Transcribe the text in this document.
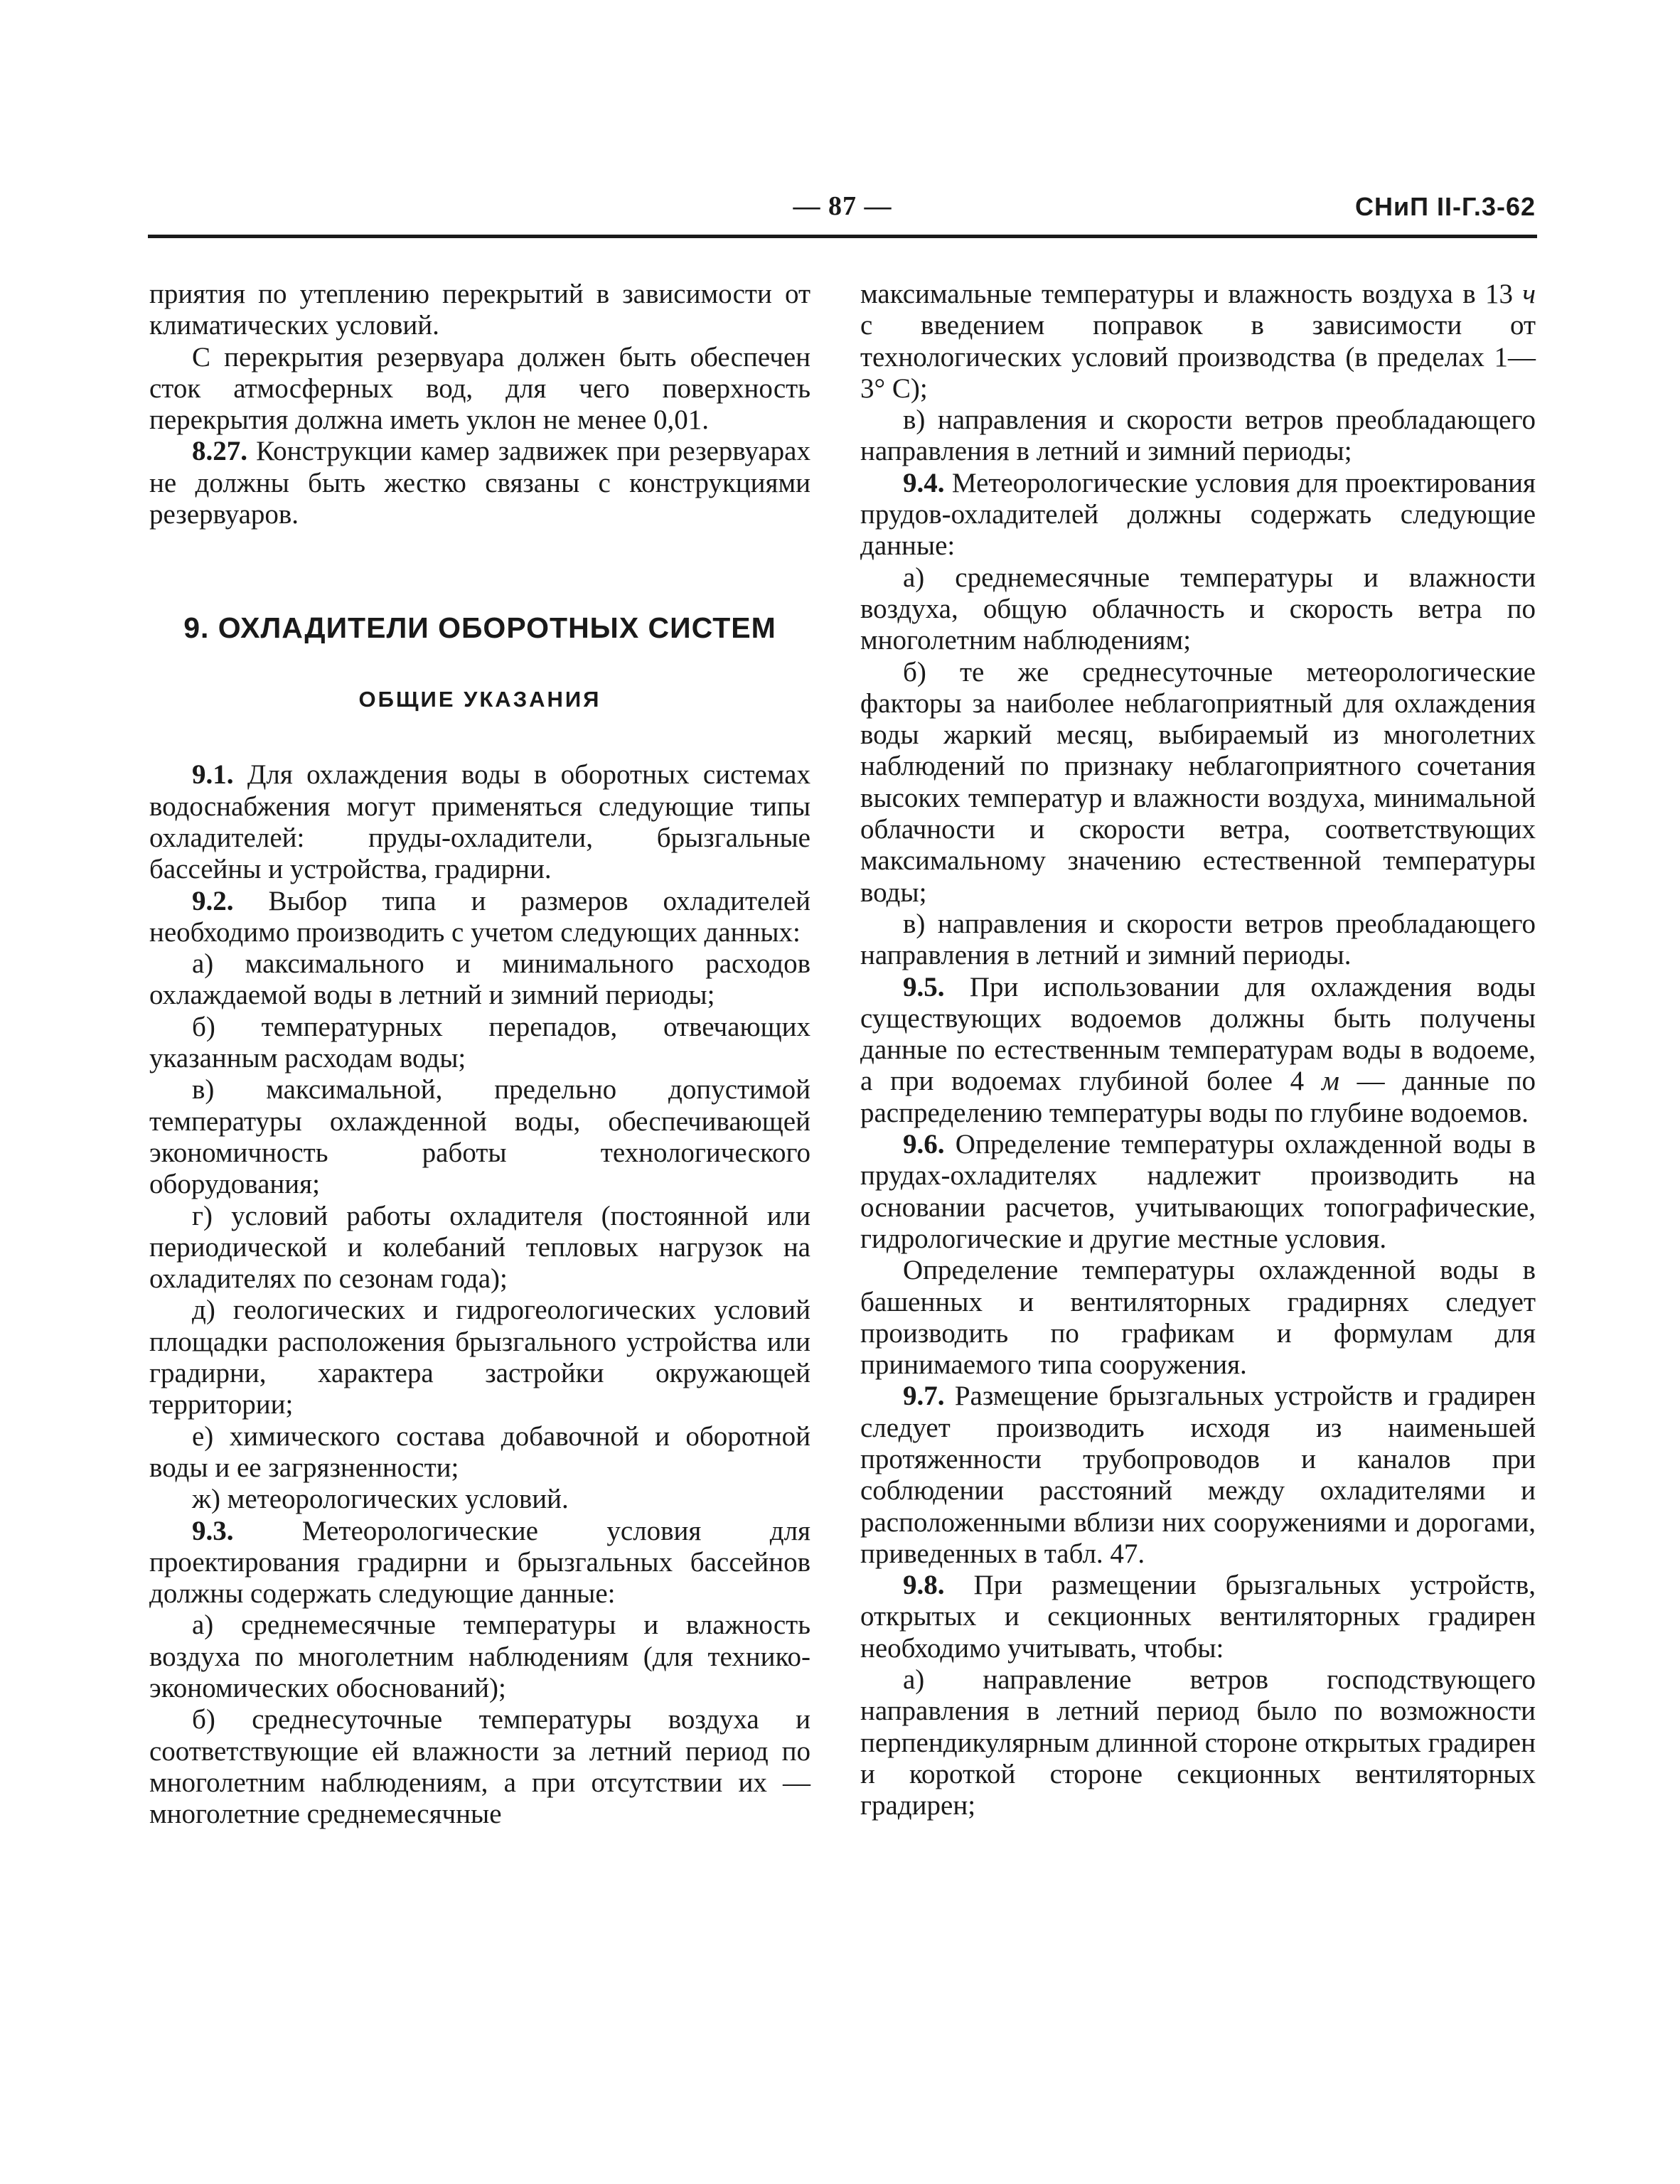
— 87 —	СНиП II-Г.3-62

приятия по утеплению перекрытий в зависимости от климатических условий.

С перекрытия резервуара должен быть обеспечен сток атмосферных вод, для чего поверхность перекрытия должна иметь уклон не менее 0,01.

8.27. Конструкции камер задвижек при резервуарах не должны быть жестко связаны с конструкциями резервуаров.

9. ОХЛАДИТЕЛИ ОБОРОТНЫХ СИСТЕМ
ОБЩИЕ УКАЗАНИЯ

9.1. Для охлаждения воды в оборотных системах водоснабжения могут применяться следующие типы охладителей: пруды-охладители, брызгальные бассейны и устройства, градирни.

9.2. Выбор типа и размеров охладителей необходимо производить с учетом следующих данных:

а) максимального и минимального расходов охлаждаемой воды в летний и зимний периоды;

б) температурных перепадов, отвечающих указанным расходам воды;

в) максимальной, предельно допустимой температуры охлажденной воды, обеспечивающей экономичность работы технологического оборудования;

г) условий работы охладителя (постоянной или периодической и колебаний тепловых нагрузок на охладителях по сезонам года);

д) геологических и гидрогеологических условий площадки расположения брызгального устройства или градирни, характера застройки окружающей территории;

е) химического состава добавочной и оборотной воды и ее загрязненности;

ж) метеорологических условий.

9.3. Метеорологические условия для проектирования градирни и брызгальных бассейнов должны содержать следующие данные:

а) среднемесячные температуры и влажность воздуха по многолетним наблюдениям (для технико-экономических обоснований);

б) среднесуточные температуры воздуха и соответствующие ей влажности за летний период по многолетним наблюдениям, а при отсутствии их — многолетние среднемесячные

максимальные температуры и влажность воздуха в 13 ч с введением поправок в зависимости от технологических условий производства (в пределах 1—3° С);

в) направления и скорости ветров преобладающего направления в летний и зимний периоды;

9.4. Метеорологические условия для проектирования прудов-охладителей должны содержать следующие данные:

а) среднемесячные температуры и влажности воздуха, общую облачность и скорость ветра по многолетним наблюдениям;

б) те же среднесуточные метеорологические факторы за наиболее неблагоприятный для охлаждения воды жаркий месяц, выбираемый из многолетних наблюдений по признаку неблагоприятного сочетания высоких температур и влажности воздуха, минимальной облачности и скорости ветра, соответствующих максимальному значению естественной температуры воды;

в) направления и скорости ветров преобладающего направления в летний и зимний периоды.

9.5. При использовании для охлаждения воды существующих водоемов должны быть получены данные по естественным температурам воды в водоеме, а при водоемах глубиной более 4 м — данные по распределению температуры воды по глубине водоемов.

9.6. Определение температуры охлажденной воды в прудах-охладителях надлежит производить на основании расчетов, учитывающих топографические, гидрологические и другие местные условия.

Определение температуры охлажденной воды в башенных и вентиляторных градирнях следует производить по графикам и формулам для принимаемого типа сооружения.

9.7. Размещение брызгальных устройств и градирен следует производить исходя из наименьшей протяженности трубопроводов и каналов при соблюдении расстояний между охладителями и расположенными вблизи них сооружениями и дорогами, приведенных в табл. 47.

9.8. При размещении брызгальных устройств, открытых и секционных вентиляторных градирен необходимо учитывать, чтобы:

а) направление ветров господствующего направления в летний период было по возможности перпендикулярным длинной стороне открытых градирен и короткой стороне секционных вентиляторных градирен;
